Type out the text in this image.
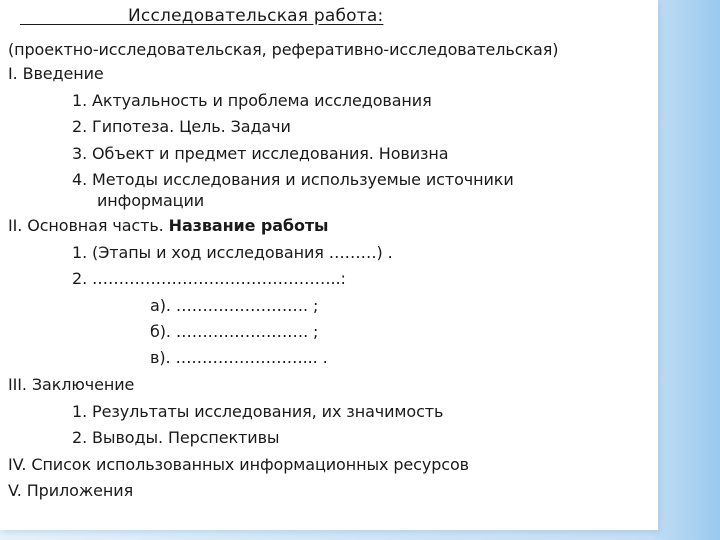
Исследовательская работа:
(проектно-исследовательская, реферативно-исследовательская)
I. Введение
1. Актуальность и проблема исследования
2. Гипотеза. Цель. Задачи
3. Объект и предмет исследования. Новизна
4. Методы исследования и используемые источники
информации
II. Основная часть. Название работы
1. (Этапы и ход исследования ………) .
2. ………………………………………..:
а). ……………………. ;
б). ……………………. ;
в). ……………………... .
III. Заключение
1. Результаты исследования, их значимость
2. Выводы. Перспективы
IV. Список использованных информационных ресурсов
V. Приложения
